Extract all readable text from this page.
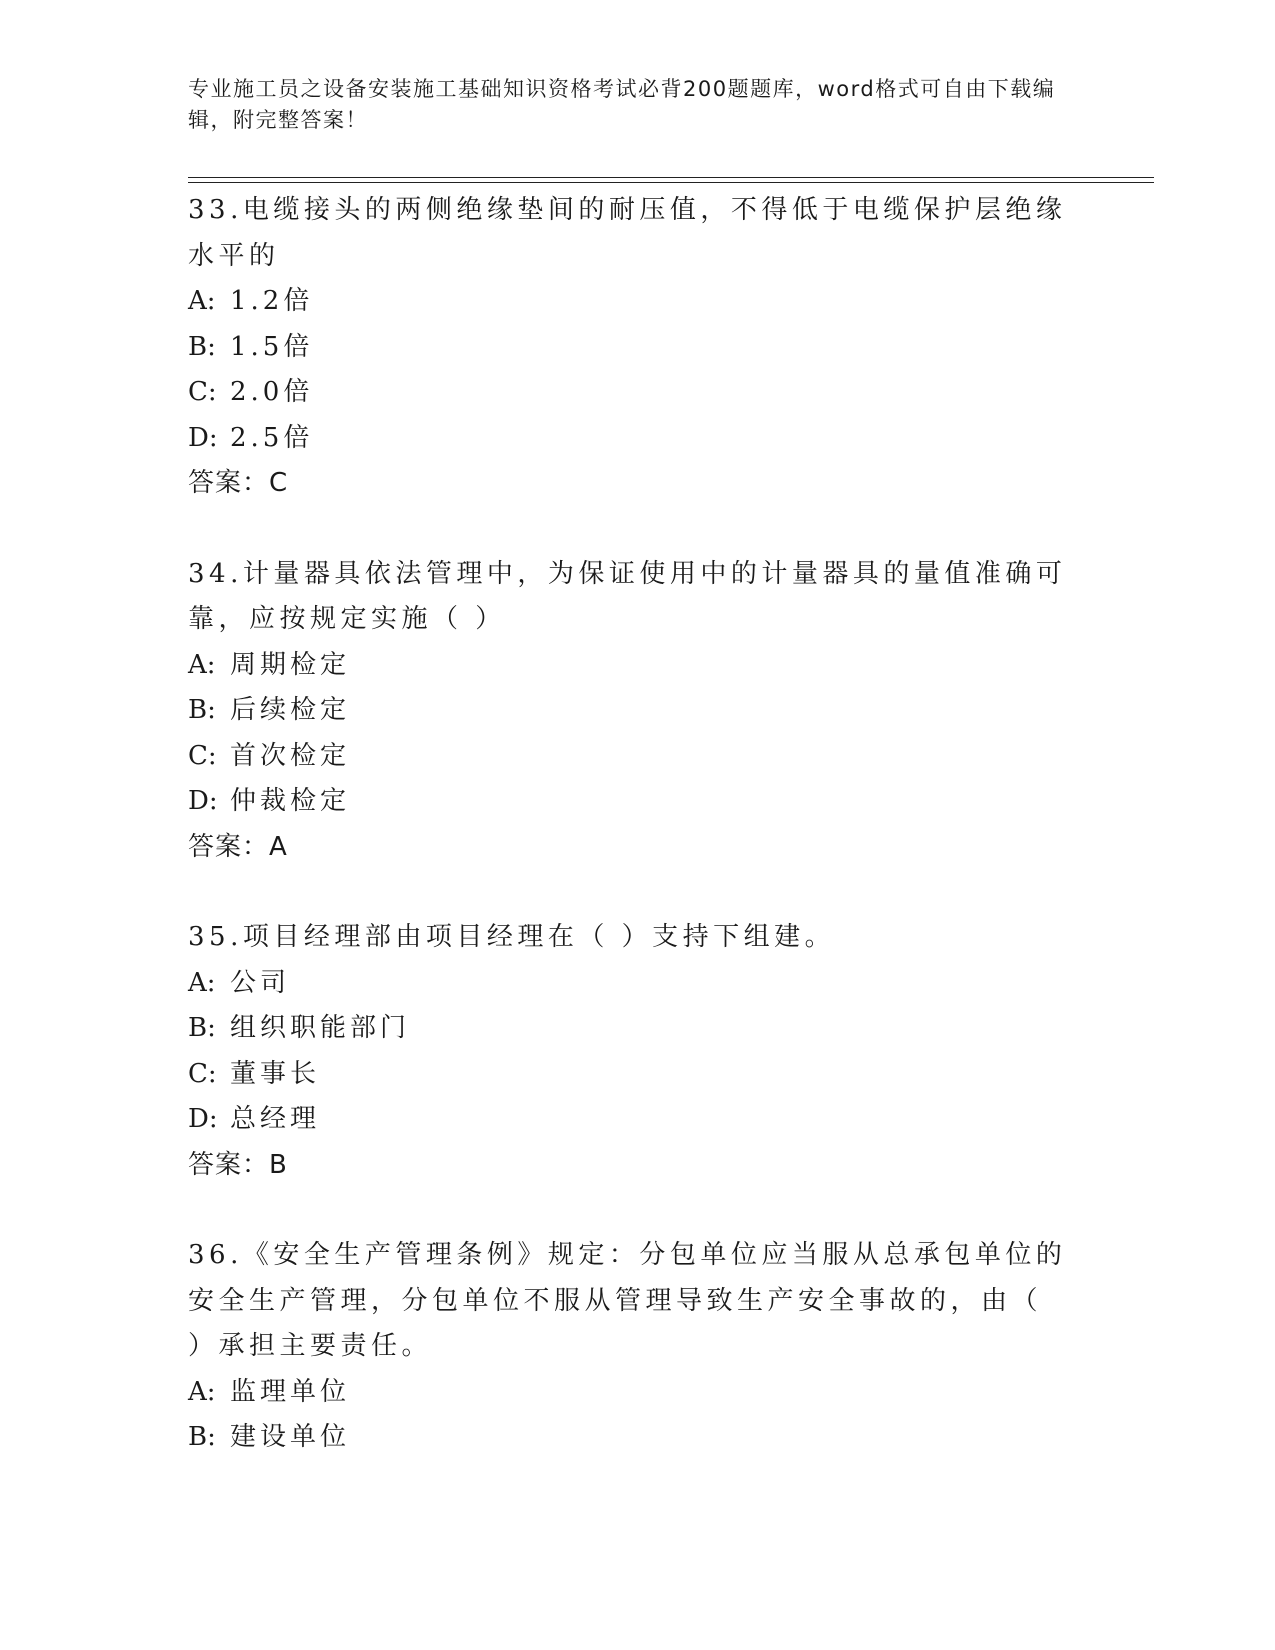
专业施工员之设备安装施工基础知识资格考试必背200题题库，word格式可自由下载编辑，附完整答案！

33.电缆接头的两侧绝缘垫间的耐压值，不得低于电缆保护层绝缘水平的

A: 1.2倍

B: 1.5倍

C: 2.0倍

D: 2.5倍

答案：C

34.计量器具依法管理中，为保证使用中的计量器具的量值准确可靠，应按规定实施（ ）

A: 周期检定

B: 后续检定

C: 首次检定

D: 仲裁检定

答案：A

35.项目经理部由项目经理在（ ）支持下组建。

A: 公司

B: 组织职能部门

C: 董事长

D: 总经理

答案：B

36.《安全生产管理条例》规定：分包单位应当服从总承包单位的安全生产管理，分包单位不服从管理导致生产安全事故的，由（ ）承担主要责任。

A: 监理单位

B: 建设单位
